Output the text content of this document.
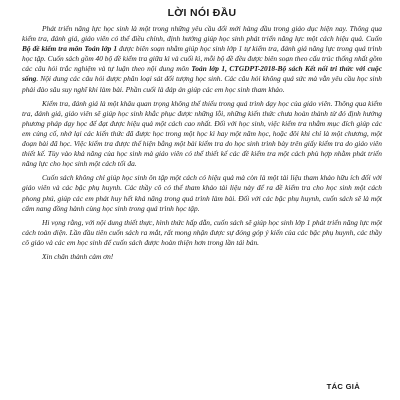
LỜI NÓI ĐẦU

Phát triển năng lực học sinh là một trong những yêu cầu đổi mới hàng đầu trong giáo dục hiện nay. Thông qua kiểm tra, đánh giá, giáo viên có thể điều chỉnh, định hướng giúp học sinh phát triển năng lực một cách hiệu quả. Cuốn Bộ đề kiểm tra môn Toán lớp 1 được biên soạn nhằm giúp học sinh lớp 1 tự kiểm tra, đánh giá năng lực trong quá trình học tập. Cuốn sách gồm 40 bộ đề kiểm tra giữa kì và cuối kì, mỗi bộ đề đều được biên soạn theo cấu trúc thống nhất gồm các câu hỏi trắc nghiệm và tự luận theo nội dung môn Toán lớp 1, CTGDPT-2018-Bộ sách Kết nối tri thức với cuộc sống. Nội dung các câu hỏi được phân loại sát đối tượng học sinh. Các câu hỏi không quá sức mà vẫn yêu cầu học sinh phải đào sâu suy nghĩ khi làm bài. Phần cuối là đáp án giúp các em học sinh tham khảo.

Kiểm tra, đánh giá là một khâu quan trọng không thể thiếu trong quá trình dạy học của giáo viên. Thông qua kiểm tra, đánh giá, giáo viên sẽ giúp học sinh khắc phục được những lỗi, những kiến thức chưa hoàn thành từ đó định hướng phương pháp dạy học để đạt được hiệu quả một cách cao nhất. Đối với học sinh, việc kiểm tra nhằm mục đích giúp các em củng cố, nhớ lại các kiến thức đã được học trong một học kì hay một năm học, hoặc đôi khi chỉ là một chương, một đoạn bài đã học. Việc kiểm tra được thể hiện bằng một bài kiểm tra do học sinh trình bày trên giấy kiểm tra do giáo viên thiết kế. Tùy vào khả năng của học sinh mà giáo viên có thể thiết kế các đề kiểm tra một cách phù hợp nhằm phát triển năng lực cho học sinh một cách tối đa.

Cuốn sách không chỉ giúp học sinh ôn tập một cách có hiệu quả mà còn là một tài liệu tham khảo hữu ích đối với giáo viên và các bậc phụ huynh. Các thầy cô có thể tham khảo tài liệu này để ra đề kiểm tra cho học sinh một cách phong phú, giúp các em phát huy hết khả năng trong quá trình làm bài. Đối với các bậc phụ huynh, cuốn sách sẽ là một cẩm nang đồng hành cùng học sinh trong quá trình học tập.

Hi vọng rằng, với nội dung thiết thực, hình thức hấp dẫn, cuốn sách sẽ giúp học sinh lớp 1 phát triển năng lực một cách toàn diện. Lần đầu tiên cuốn sách ra mắt, rất mong nhận được sự đóng góp ý kiến của các bậc phụ huynh, các thầy cô giáo và các em học sinh để cuốn sách được hoàn thiện hơn trong lần tái bản.

Xin chân thành cảm ơn!

TÁC GIẢ
